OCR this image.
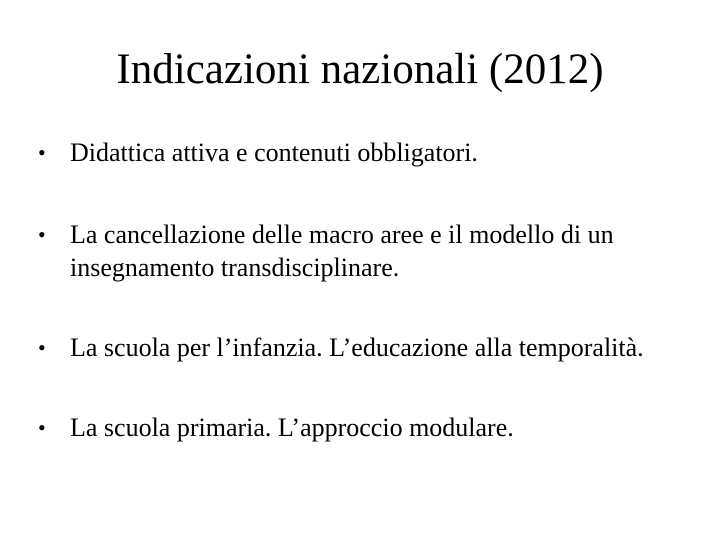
Indicazioni nazionali (2012)
• Didattica attiva e contenuti obbligatori.
• La cancellazione delle macro aree e il modello di un insegnamento transdisciplinare.
• La scuola per l’infanzia. L’educazione alla temporalità.
• La scuola primaria. L’approccio modulare.
